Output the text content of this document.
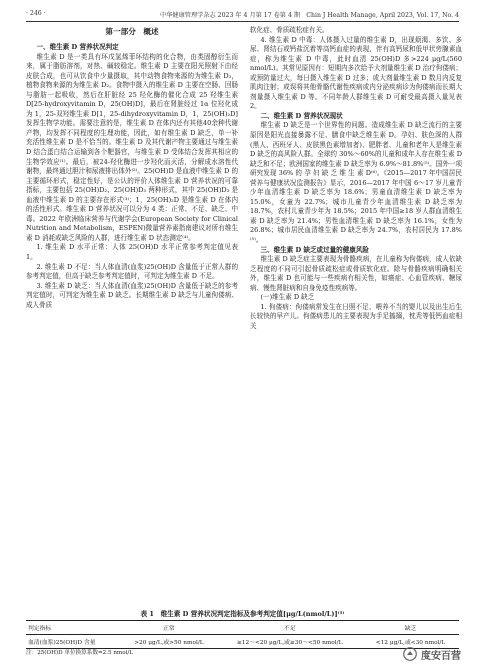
· 246 ·	中华健康管理学杂志 2023 年 4 月第 17 卷第 4 期　Chin J Health Manage, April 2023, Vol. 17, No. 4
第一部分　概述

一、维生素 D 营养状况判定

维生素 D 是一类具有环戊氢烯菲环结构的化合物，由类固醇衍生而来，属于脂肪溶剂，对热、碱较稳定。维生素 D 主要在阳光照射下由经皮肤合成，也可从饮食中少量摄取，其中动物食物来源的为维生素 D₃，植物食物来源的为维生素 D₂。食物中摄入的维生素 D 主要在空肠、回肠与脂肪一起吸收，然后在肝脏经 25 羟化酶的催化合成 25 羟维生素 D[25-hydroxyvitamin D，25(OH)D]，最后在肾脏经过 1α 位羟化成为 1，25-双羟维生素 D[1，25-dihydroxyvitamin D，1，25(OH)₂D]发挥生物学功能。需要注意的是，维生素 D 在体内还有其他40余种代谢产物，均发挥不同程度的生理功能，因此，如有维生素 D 缺乏，单一补充活性维生素 D 是不恰当的。维生素 D 及其代谢产物主要通过与维生素 D 结合蛋白结合运输到各个靶器官，与维生素 D 受体结合发挥其相应的生物学效应⁽¹⁾。最后，被24-羟化酶进一步羟化而灭活，分解成水溶性代谢物，最终通过胆汁和尿液排出体外⁽²⁾。25(OH)D 是血液中维生素 D 的主要循环形式，稳定性好，是公认的评价人体维生素 D 营养状况的可靠指标，主要包括 25(OH)D₂、25(OH)D₃ 两种形式，其中 25(OH)D₃ 是血液中维生素 D 的主要存在形式⁽³⁾；1，25(OH)₂D 是维生素 D 在体内的活性形式。维生素 D 营养状况可以分为 4 类：正常、不足、缺乏、中毒。2022 年欧洲临床营养与代谢学会(European Society for Clinical Nutrition and Metabolism，ESPEN)微量营养素指南建议对所有维生素 D 消耗或缺乏风险的人群，进行维生素 D 状态测定⁽⁴⁾。

1. 维生素 D 水平正常：人体 25(OH)D 水平正常参考判定值见表 1。

2. 维生素 D 不足：当人体血清(血浆)25(OH)D 含量低于正常人群的参考判定值，但高于缺乏参考判定值时，可判定为维生素 D 不足。

3. 维生素 D 缺乏：当人体血清(血浆)25(OH)D 含量低于缺乏的参考判定值时，可判定为维生素 D 缺乏。长期维生素 D 缺乏与儿童佝偻病、成人骨质

软化症、骨质疏松症有关。

4. 维生素 D 中毒：人体摄入过量的维生素 D，出现烦渴、多饮、多尿、肾结石或钙盐沉着等高钙血症的表现，伴有高钙尿和低甲状旁腺素血症，称为维生素 D 中毒，此时血清 25(OH)D 多>224 μg/L(560 nmol/L)。其常见原因有：短期内多次给予大剂量维生素 D 治疗佝偻病；或预防量过大，每日摄入维生素 D 过多；或大剂量维生素 D 数月内反复肌肉注射；或误将其他骨骼代谢性疾病或内分泌疾病诊为佝偻病而长期大剂量摄入维生素 D 等。不同年龄人群维生素 D 可耐受最高摄入量见表 2。

二、维生素 D 营养状况现状

维生素 D 缺乏是一个世界性的问题。造成维生素 D 缺乏流行的主要原因是阳光直接暴露不足、膳食中缺乏维生素 D。孕妇、肤色深的人群(黑人、西班牙人、皮肤黑色素增加者)、肥胖者、儿童和老年人是维生素 D 缺乏的高风险人群。全球约 30%～60%的儿童和成年人存在维生素 D 缺乏和不足；欧洲国家的维生素 D 缺乏率为 6.9%～81.8%⁽⁵⁾。国外一项研究发现 36% 的 孕 妇 缺 乏 维 生 素 D⁽⁶⁾。《2015—2017 年中国居民营养与健康状况监测报告》显示，2016—2017 年中国 6～17 岁儿童青少年血清维生素 D 缺乏率为 18.6%；男童血清维生素 D 缺乏率为 15.0%，女童为 22.7%；城市儿童青少年血清维生素 D 缺乏率为 18.7%，农村儿童青少年为 18.5%；2015 年中国≥18 岁人群血清维生素 D 缺乏率为 21.4%；男性血清维生素 D 缺乏率为 16.1%，女性为 26.8%；城市居民血清维生素 D 缺乏率为 24.7%，农村居民为 17.8%⁽⁵⁾。

三、维生素 D 缺乏或过量的健康风险

维生素 D 缺乏症主要表现为骨骼疾病，在儿童称为佝偻病，成人依缺乏程度的不同可引起骨质疏松症或骨质软化症。除与骨骼疾病明确相关外，维生素 D 也可能与一些疾病有相关性，如癌症、心血管疾病、糖尿病、慢性肾脏病和自身免疫性疾病等。

(一)维生素 D 缺乏

1. 佝偻病：佝偻病常发生在日照不足、喂养不当的婴儿以及出生后生长较快的早产儿。佝偻病患儿的主要表现为手足搐搦，枕秃等低钙血症相关

表 1　维生素 D 营养状况判定指标及参考判定值[μg/L(nmol/L)]⁽⁵⁾
判定指标	正常	不足	缺乏
血清(血浆)25(OH)D 含量	>20 μg/L,或>50 nmol/L	≥12～<20 μg/L,或≥30～<50 nmol/L	<12 μg/L,或<30 nmol/L
注：25(OH)D 单位换算系数=2.5 nmol/L	度安百营
